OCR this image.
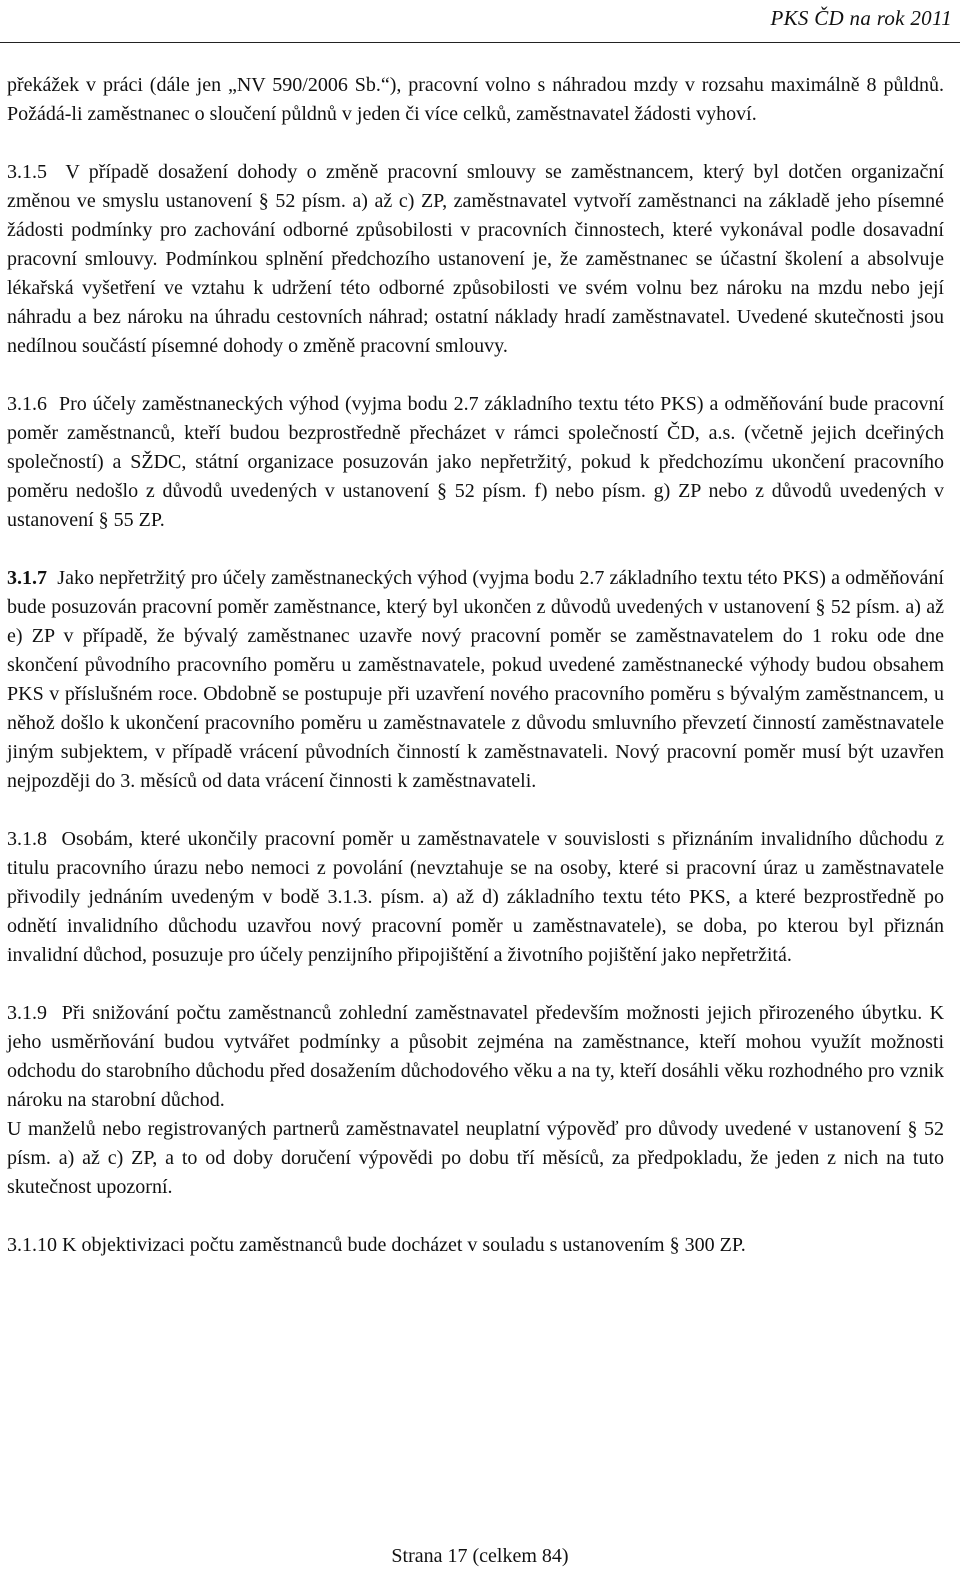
PKS ČD na rok 2011

překážek v práci (dále jen „NV 590/2006 Sb.“), pracovní volno s náhradou mzdy v rozsahu maximálně 8 půldnů. Požádá-li zaměstnanec o sloučení půldnů v jeden či více celků, zaměstnavatel žádosti vyhoví.

3.1.5 V případě dosažení dohody o změně pracovní smlouvy se zaměstnancem, který byl dotčen organizační změnou ve smyslu ustanovení § 52 písm. a) až c) ZP, zaměstnavatel vytvoří zaměstnanci na základě jeho písemné žádosti podmínky pro zachování odborné způsobilosti v pracovních činnostech, které vykonával podle dosavadní pracovní smlouvy. Podmínkou splnění předchozího ustanovení je, že zaměstnanec se účastní školení a absolvuje lékařská vyšetření ve vztahu k udržení této odborné způsobilosti ve svém volnu bez nároku na mzdu nebo její náhradu a bez nároku na úhradu cestovních náhrad; ostatní náklady hradí zaměstnavatel. Uvedené skutečnosti jsou nedílnou součástí písemné dohody o změně pracovní smlouvy.

3.1.6 Pro účely zaměstnaneckých výhod (vyjma bodu 2.7 základního textu této PKS) a odměňování bude pracovní poměr zaměstnanců, kteří budou bezprostředně přecházet v rámci společností ČD, a.s. (včetně jejich dceřiných společností) a SŽDC, státní organizace posuzován jako nepřetržitý, pokud k předchozímu ukončení pracovního poměru nedošlo z důvodů uvedených v ustanovení § 52 písm. f) nebo písm. g) ZP nebo z důvodů uvedených v ustanovení § 55 ZP.

3.1.7 Jako nepřetržitý pro účely zaměstnaneckých výhod (vyjma bodu 2.7 základního textu této PKS) a odměňování bude posuzován pracovní poměr zaměstnance, který byl ukončen z důvodů uvedených v ustanovení § 52 písm. a) až e) ZP v případě, že bývalý zaměstnanec uzavře nový pracovní poměr se zaměstnavatelem do 1 roku ode dne skončení původního pracovního poměru u zaměstnavatele, pokud uvedené zaměstnanecké výhody budou obsahem PKS v příslušném roce. Obdobně se postupuje při uzavření nového pracovního poměru s bývalým zaměstnancem, u něhož došlo k ukončení pracovního poměru u zaměstnavatele z důvodu smluvního převzetí činností zaměstnavatele jiným subjektem, v případě vrácení původních činností k zaměstnavateli. Nový pracovní poměr musí být uzavřen nejpozději do 3. měsíců od data vrácení činnosti k zaměstnavateli.

3.1.8 Osobám, které ukončily pracovní poměr u zaměstnavatele v souvislosti s přiznáním invalidního důchodu z titulu pracovního úrazu nebo nemoci z povolání (nevztahuje se na osoby, které si pracovní úraz u zaměstnavatele přivodily jednáním uvedeným v bodě 3.1.3. písm. a) až d) základního textu této PKS, a které bezprostředně po odnětí invalidního důchodu uzavřou nový pracovní poměr u zaměstnavatele), se doba, po kterou byl přiznán invalidní důchod, posuzuje pro účely penzijního připojištění a životního pojištění jako nepřetržitá.

3.1.9 Při snižování počtu zaměstnanců zohlední zaměstnavatel především možnosti jejich přirozeného úbytku. K jeho usměrňování budou vytvářet podmínky a působit zejména na zaměstnance, kteří mohou využít možnosti odchodu do starobního důchodu před dosažením důchodového věku a na ty, kteří dosáhli věku rozhodného pro vznik nároku na starobní důchod.

U manželů nebo registrovaných partnerů zaměstnavatel neuplatní výpověď pro důvody uvedené v ustanovení § 52 písm. a) až c) ZP, a to od doby doručení výpovědi po dobu tří měsíců, za předpokladu, že jeden z nich na tuto skutečnost upozorní.

3.1.10 K objektivizaci počtu zaměstnanců bude docházet v souladu s ustanovením § 300 ZP.

Strana 17 (celkem 84)
